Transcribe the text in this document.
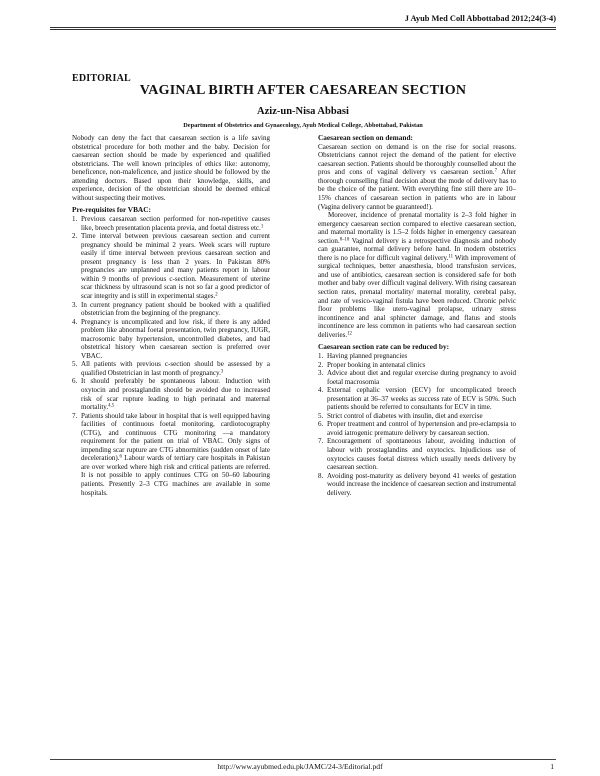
J Ayub Med Coll Abbottabad 2012;24(3-4)
EDITORIAL
VAGINAL BIRTH AFTER CAESAREAN SECTION
Aziz-un-Nisa Abbasi
Department of Obstetrics and Gynaecology, Ayub Medical College, Abbottabad, Pakistan

Nobody can deny the fact that caesarean section is a life saving obstetrical procedure for both mother and the baby. Decision for caesarean section should be made by experienced and qualified obstetricians. The well known principles of ethics like: autonomy, beneficence, non-maleficence, and justice should be followed by the attending doctors. Based upon their knowledge, skills, and experience, decision of the obstetrician should be deemed ethical without suspecting their motives.

Pre-requisites for VBAC:
1. Previous caesarean section performed for non-repetitive causes like, breech presentation placenta previa, and foetal distress etc.$^1$
2. Time interval between previous caesarean section and current pregnancy should be minimal 2 years. Week scars will rupture easily if time interval between previous caesarean section and present pregnancy is less than 2 years. In Pakistan 80% pregnancies are unplanned and many patients report in labour within 9 months of previous c-section. Measurement of uterine scar thickness by ultrasound scan is not so far a good predictor of scar integrity and is still in experimental stages.$^2$
3. In current pregnancy patient should be booked with a qualified obstetrician from the beginning of the pregnancy.
4. Pregnancy is uncomplicated and low risk, if there is any added problem like abnormal foetal presentation, twin pregnancy, IUGR, macrosomic baby hypertension, uncontrolled diabetes, and bad obstetrical history when caesarean section is preferred over VBAC.
5. All patients with previous c-section should be assessed by a qualified Obstetrician in last month of pregnancy.$^3$
6. It should preferably be spontaneous labour. Induction with oxytocin and prostaglandin should be avoided due to increased risk of scar rupture leading to high perinatal and maternal mortality.$^{4,5}$
7. Patients should take labour in hospital that is well equipped having facilities of continuous foetal monitoring, cardiotocography (CTG), and continuous CTG monitoring —a mandatory requirement for the patient on trial of VBAC. Only signs of impending scar rupture are CTG abnormities (sudden onset of late deceleration).$^6$ Labour wards of tertiary care hospitals in Pakistan are over worked where high risk and critical patients are referred. It is not possible to apply continues CTG on 50–60 labouring patients. Presently 2–3 CTG machines are available in some hospitals.
Caesarean section on demand:

Caesarean section on demand is on the rise for social reasons. Obstetricians cannot reject the demand of the patient for elective caesarean section. Patients should be thoroughly counselled about the pros and cons of vaginal delivery vs caesarean section.$^7$ After thorough counselling final decision about the mode of delivery has to be the choice of the patient. With everything fine still there are 10–15% chances of caesarean section in patients who are in labour (Vagina delivery cannot be guaranteed!).

Moreover, incidence of prenatal mortality is 2–3 fold higher in emergency caesarean section compared to elective caesarean section, and maternal mortality is 1.5–2 folds higher in emergency caesarean section.$^{8-10}$ Vaginal delivery is a retrospective diagnosis and nobody can guarantee, normal delivery before hand. In modern obstetrics there is no place for difficult vaginal delivery.$^{11}$ With improvement of surgical techniques, better anaesthesia, blood transfusion services, and use of antibiotics, caesarean section is considered safe for both mother and baby over difficult vaginal delivery. With rising caesarean section rates, prenatal mortality/ maternal morality, cerebral palsy, and rate of vesico-vaginal fistula have been reduced. Chronic pelvic floor problems like utero-vaginal prolapse, urinary stress incontinence and anal sphincter damage, and flatus and stools incontinence are less common in patients who had caesarean section deliveries.$^{12}$

Caesarean section rate can be reduced by:
1. Having planned pregnancies
2. Proper booking in antenatal clinics
3. Advice about diet and regular exercise during pregnancy to avoid foetal macrosomia
4. External cephalic version (ECV) for uncomplicated breech presentation at 36–37 weeks as success rate of ECV is 50%. Such patients should be referred to consultants for ECV in time.
5. Strict control of diabetes with insulin, diet and exercise
6. Proper treatment and control of hypertension and pre-eclampsia to avoid iatrogenic premature delivery by caesarean section.
7. Encouragement of spontaneous labour, avoiding induction of labour with prostaglandins and oxytocics. Injudicious use of oxytocics causes foetal distress which usually needs delivery by caesarean section.
8. Avoiding post-maturity as delivery beyond 41 weeks of gestation would increase the incidence of caesarean section and instrumental delivery.
http://www.ayubmed.edu.pk/JAMC/24-3/Editorial.pdf	1
